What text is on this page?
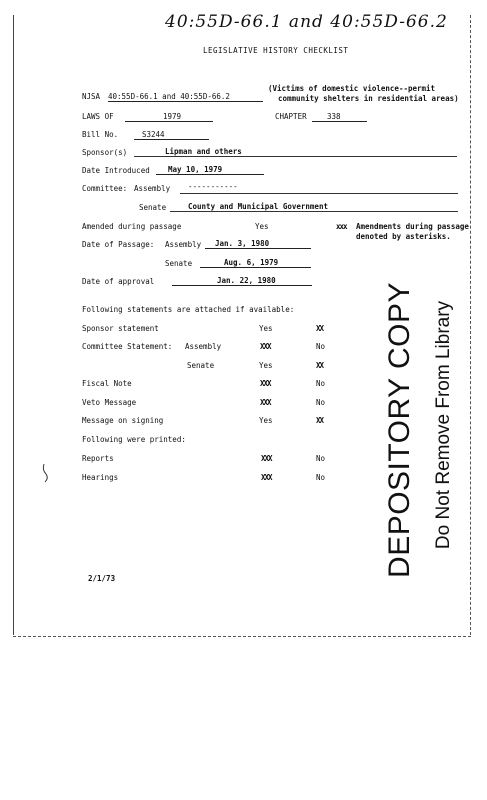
40:55D-66.1 and 40:55D-66.2
LEGISLATIVE HISTORY CHECKLIST
NJSA 40:55D-66.1 and 40:55D-66.2
(Victims of domestic violence--permit
community shelters in residential areas)
LAWS OF	1979	CHAPTER	338
Bill No.	S3244
Sponsor(s)	Lipman and others
Date Introduced	May 10, 1979
Committee: Assembly -----------
Senate	County and Municipal Government
Amended during passage	Yes	xxx Amendments during passage
denoted by asterisks.
Date of Passage: Assembly	Jan. 3, 1980
Senate	Aug. 6, 1979
Date of approval	Jan. 22, 1980
Following statements are attached if available:
Sponsor statement	Yes	XX
Committee Statement: Assembly	XXX	No
Senate	Yes	XX
Fiscal Note	XXX	No
Veto Message	XXX	No
Message on signing	Yes	XX
Following were printed:
Reports	XXX	No
Hearings	XXX	No DEPOSITORY COPY Do Not Remove From Library
2/1/73
